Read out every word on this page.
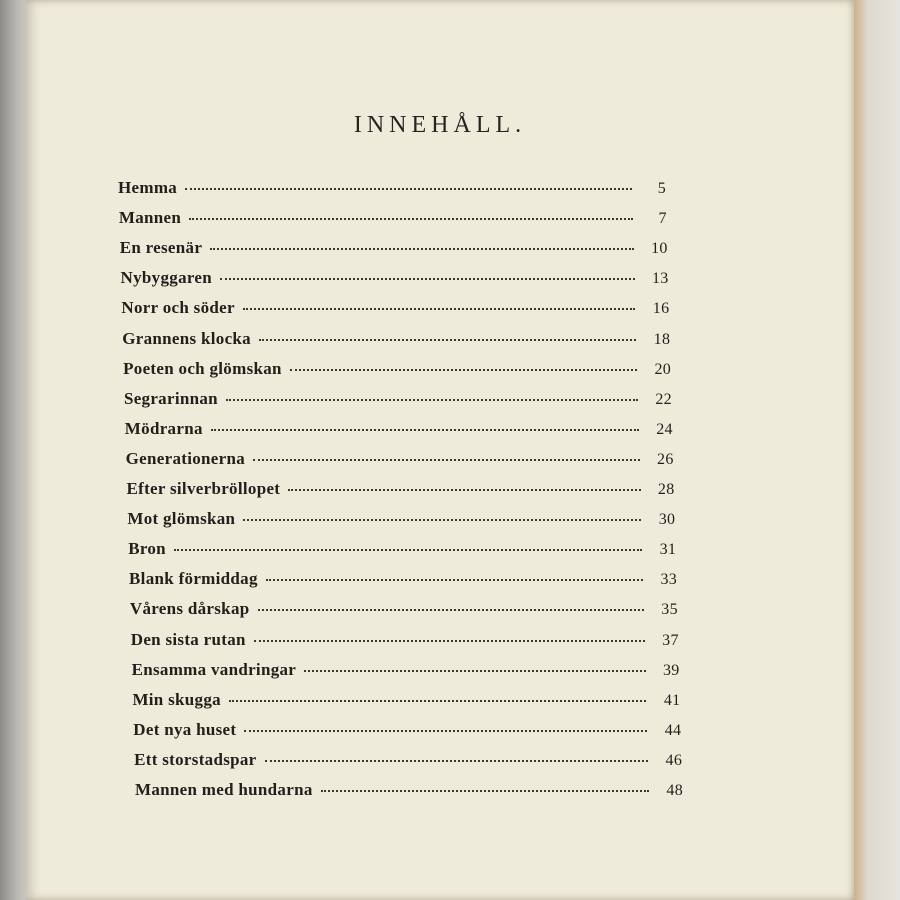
INNEHÅLL.
Hemma	5
Mannen	7
En resenär	10
Nybyggaren	13
Norr och söder	16
Grannens klocka	18
Poeten och glömskan	20
Segrarinnan	22
Mödrarna	24
Generationerna	26
Efter silverbröllopet	28
Mot glömskan	30
Bron	31
Blank förmiddag	33
Vårens dårskap	35
Den sista rutan	37
Ensamma vandringar	39
Min skugga	41
Det nya huset	44
Ett storstadspar	46
Mannen med hundarna	48
